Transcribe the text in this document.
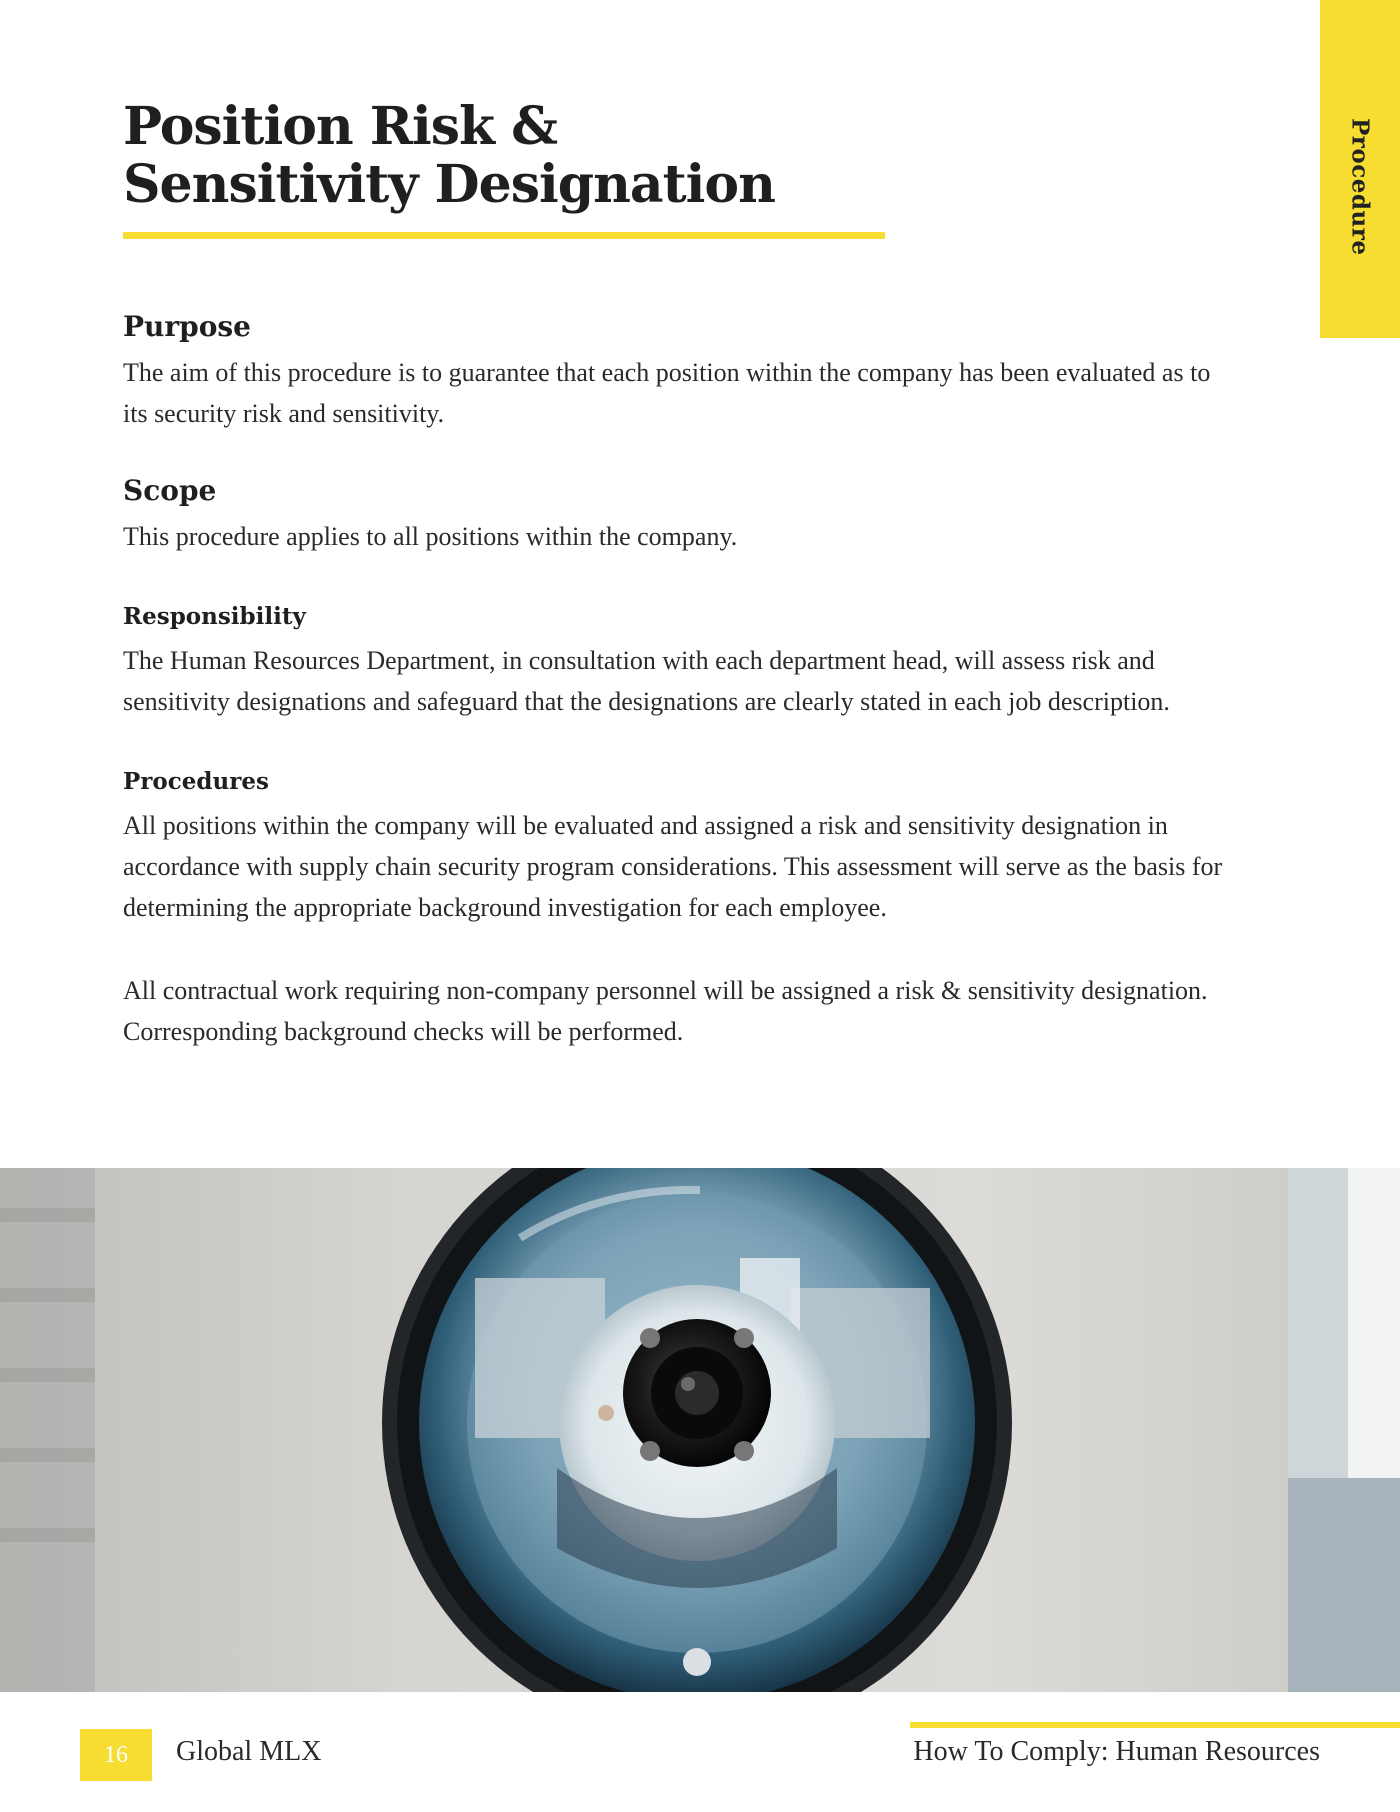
Procedure
Position Risk &
Sensitivity Designation
Purpose
The aim of this procedure is to guarantee that each position within the company has been evaluated as to
its security risk and sensitivity.
Scope
This procedure applies to all positions within the company.
Responsibility
The Human Resources Department, in consultation with each department head, will assess risk and
sensitivity designations and safeguard that the designations are clearly stated in each job description.
Procedures
All positions within the company will be evaluated and assigned a risk and sensitivity designation in
accordance with supply chain security program considerations. This assessment will serve as the basis for
determining the appropriate background investigation for each employee.
All contractual work requiring non-company personnel will be assigned a risk & sensitivity designation.
Corresponding background checks will be performed.
16	Global MLX	How To Comply: Human Resources
